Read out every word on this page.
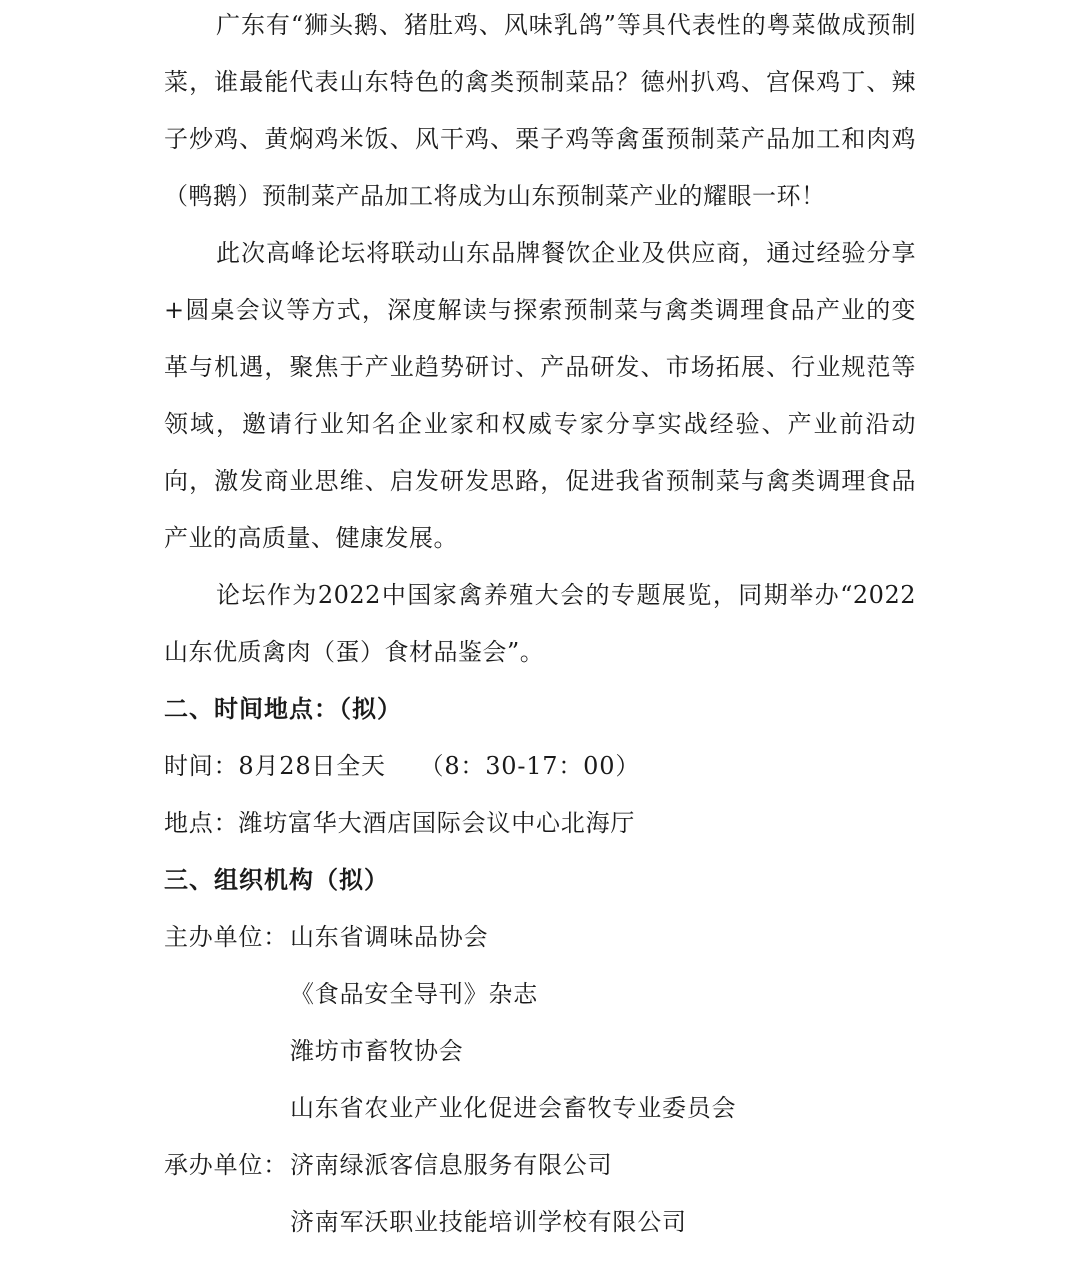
广东有“狮头鹅、猪肚鸡、风味乳鸽”等具代表性的粤菜做成预制菜，谁最能代表山东特色的禽类预制菜品？德州扒鸡、宫保鸡丁、辣子炒鸡、黄焖鸡米饭、风干鸡、栗子鸡等禽蛋预制菜产品加工和肉鸡（鸭鹅）预制菜产品加工将成为山东预制菜产业的耀眼一环！

此次高峰论坛将联动山东品牌餐饮企业及供应商，通过经验分享+圆桌会议等方式，深度解读与探索预制菜与禽类调理食品产业的变革与机遇，聚焦于产业趋势研讨、产品研发、市场拓展、行业规范等领域，邀请行业知名企业家和权威专家分享实战经验、产业前沿动向，激发商业思维、启发研发思路，促进我省预制菜与禽类调理食品产业的高质量、健康发展。

论坛作为2022中国家禽养殖大会的专题展览，同期举办“2022山东优质禽肉（蛋）食材品鉴会”。

二、时间地点：（拟）

时间：8月28日全天    （8：30-17：00）

地点：潍坊富华大酒店国际会议中心北海厅

三、组织机构（拟）

主办单位： 山东省调味品协会
《食品安全导刊》杂志
潍坊市畜牧协会
山东省农业产业化促进会畜牧专业委员会
承办单位： 济南绿派客信息服务有限公司
济南军沃职业技能培训学校有限公司
